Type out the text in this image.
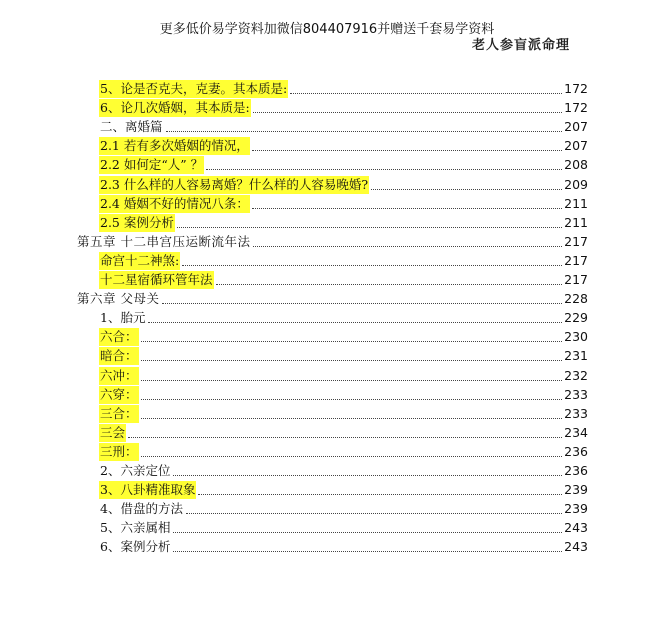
更多低价易学资料加微信804407916并赠送千套易学资料
老人参盲派命理
5、论是否克夫，克妻。其本质是:	172
6、论几次婚姻，其本质是:	172
二、离婚篇	207
2.1 若有多次婚姻的情况，	207
2.2 如何定“人” ？	208
2.3 什么样的人容易离婚？什么样的人容易晚婚?	209
2.4 婚姻不好的情况八条：	211
2.5 案例分析	211
第五章 十二串宫压运断流年法	217
命宫十二神煞:	217
十二星宿循环管年法	217
第六章 父母关	228
1、胎元	229
六合：	230
暗合：	231
六冲：	232
六穿：	233
三合：	233
三会	234
三刑：	236
2、六亲定位	236
3、八卦精准取象	239
4、借盘的方法	239
5、六亲属相	243
6、案例分析	243
